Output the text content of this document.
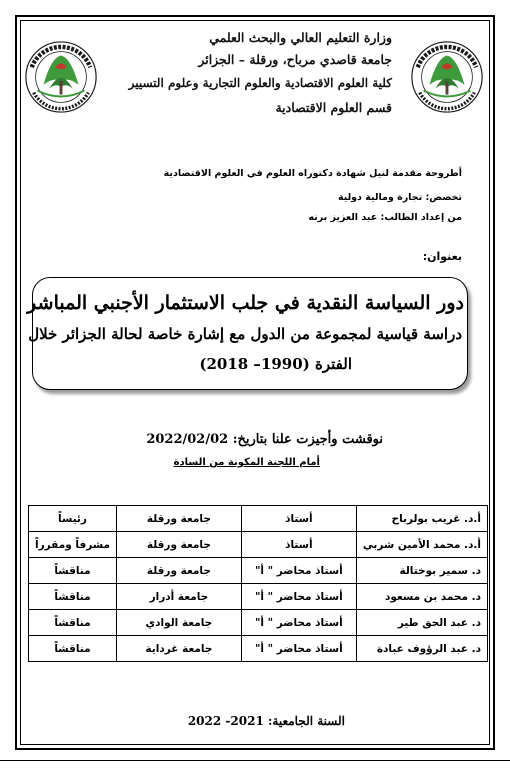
وزارة التعليم العالي والبحث العلمي
جامعة قاصدي مرباح، ورقلة – الجزائر
كلية العلوم الاقتصادية والعلوم التجارية وعلوم التسيير
قسم العلوم الاقتصادية
أطروحة مقدمة لنيل شهادة دكتوراه العلوم في العلوم الاقتصادية
تخصص: تجارة ومالية دولية
من إعداد الطالب: عبد العزيز برنه
بعنوان:
دور السياسة النقدية في جلب الاستثمار الأجنبي المباشر
دراسة قياسية لمجموعة من الدول مع إشارة خاصة لحالة الجزائر خلال
الفترة (1990– 2018)
نوقشت وأجيزت علنا بتاريخ: 2022/02/02
أمام اللجنة المكونة من السادة
أ.د. غريب بولرباح	أستاذ	جامعة ورقلة	رئيساً
أ.د. محمد الأمين شربي	أستاذ	جامعة ورقلة	مشرفاً ومقرراً
د. سمير بوختالة	أستاذ محاضر " أ"	جامعة ورقلة	مناقشاً
د. محمد بن مسعود	أستاذ محاضر " أ"	جامعة أدرار	مناقشاً
د. عبد الحق طير	أستاذ محاضر " أ"	جامعة الوادي	مناقشاً
د. عبد الرؤوف عبادة	أستاذ محاضر " أ"	جامعة غرداية	مناقشاً
السنة الجامعية: 2021- 2022
